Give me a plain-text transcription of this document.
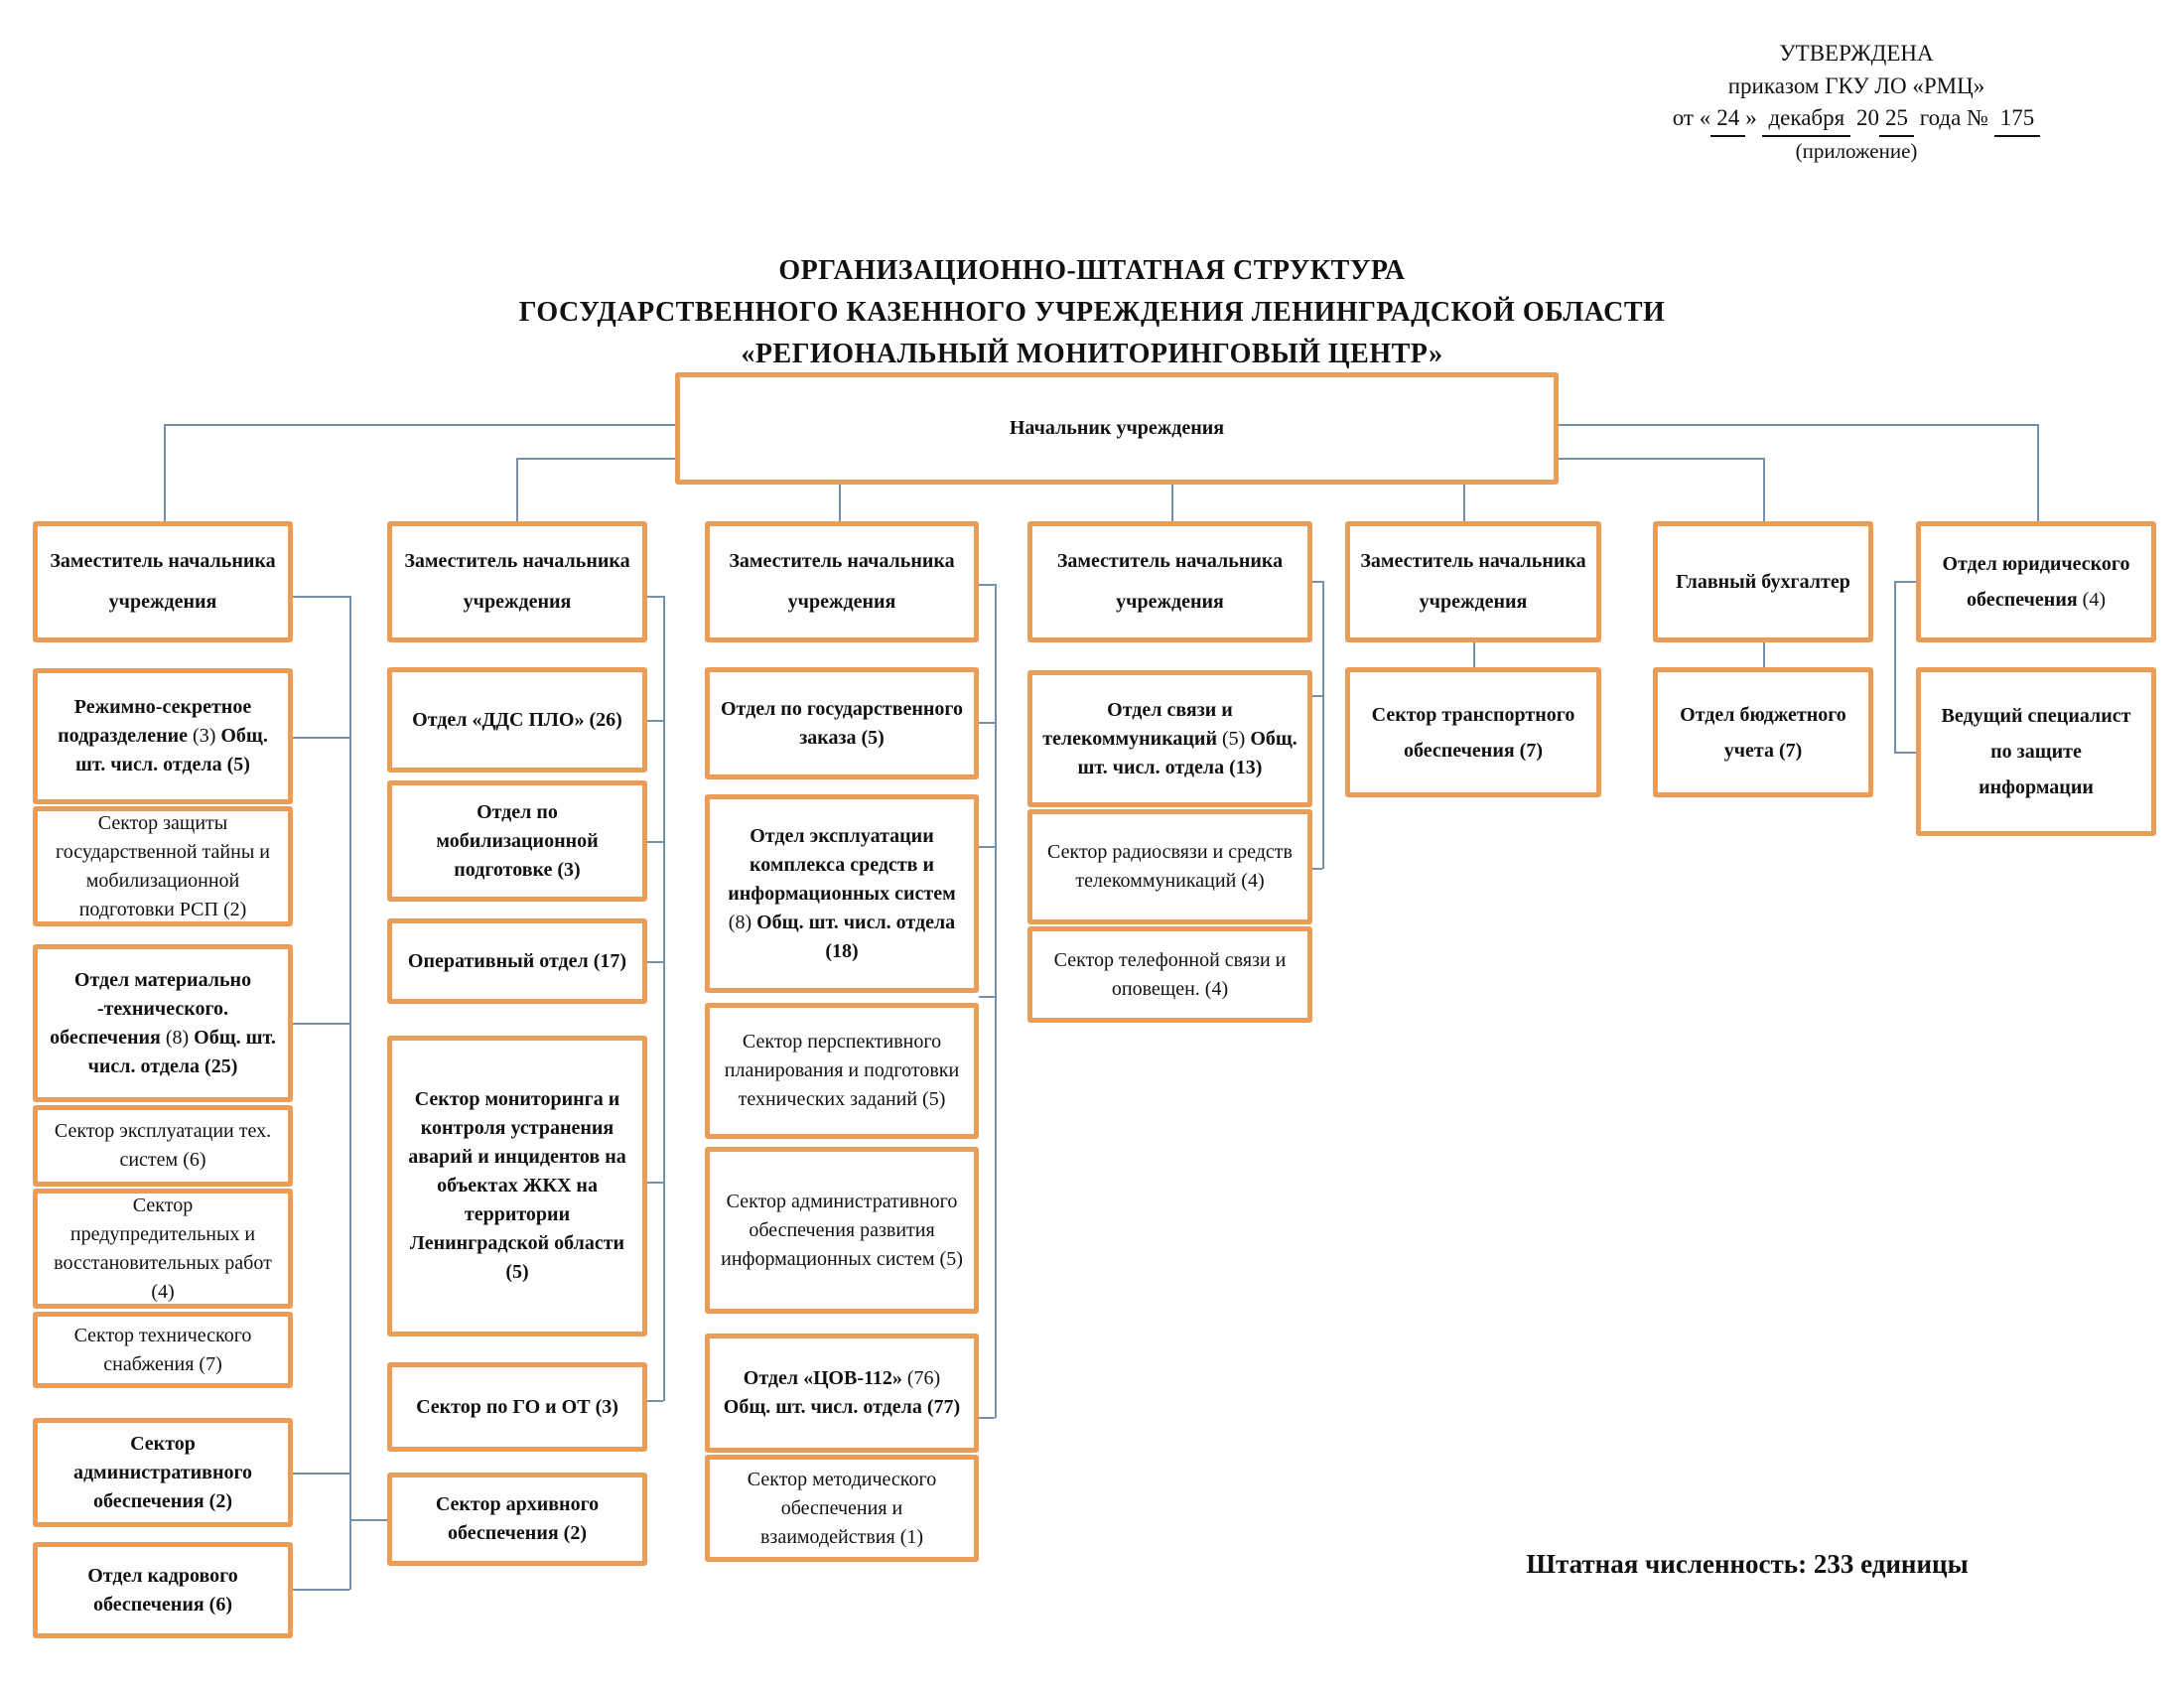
УТВЕРЖДЕНА
приказом ГКУ ЛО «РМЦ»
от «24» декабря 2025 года № 175
(приложение)
ОРГАНИЗАЦИОННО-ШТАТНАЯ СТРУКТУРА
ГОСУДАРСТВЕННОГО КАЗЕННОГО УЧРЕЖДЕНИЯ ЛЕНИНГРАДСКОЙ ОБЛАСТИ
«РЕГИОНАЛЬНЫЙ МОНИТОРИНГОВЫЙ ЦЕНТР»
Начальник учреждения
Заместитель начальника учреждения
Заместитель начальника учреждения
Заместитель начальника учреждения
Заместитель начальника учреждения
Заместитель начальника учреждения
Главный бухгалтер
Отдел юридического обеспечения (4)
Режимно-секретное подразделение (3) Общ. шт. числ. отдела (5)
Сектор защиты государственной тайны и мобилизационной подготовки РСП (2)
Отдел материально -технического. обеспечения (8) Общ. шт. числ. отдела (25)
Сектор эксплуатации тех. систем (6)
Сектор предупредительных и восстановительных работ (4)
Сектор технического снабжения (7)
Сектор административного обеспечения (2)
Отдел кадрового обеспечения (6)
Отдел «ДДС ПЛО» (26)
Отдел по мобилизационной подготовке (3)
Оперативный отдел (17)
Сектор мониторинга и контроля устранения аварий и инцидентов на объектах ЖКХ на территории Ленинградской области (5)
Сектор по ГО и ОТ (3)
Сектор архивного обеспечения (2)
Отдел по государственного заказа (5)
Отдел эксплуатации комплекса средств и информационных систем (8) Общ. шт. числ. отдела (18)
Сектор перспективного планирования и подготовки технических заданий (5)
Сектор административного обеспечения развития информационных систем (5)
Отдел «ЦОВ-112» (76) Общ. шт. числ. отдела (77)
Сектор методического обеспечения и взаимодействия (1)
Отдел связи и телекоммуникаций (5) Общ. шт. числ. отдела (13)
Сектор радиосвязи и средств телекоммуникаций (4)
Сектор телефонной связи и оповещен. (4)
Сектор транспортного обеспечения (7)
Отдел бюджетного учета (7)
Ведущий специалист по защите информации
Штатная численность: 233 единицы
